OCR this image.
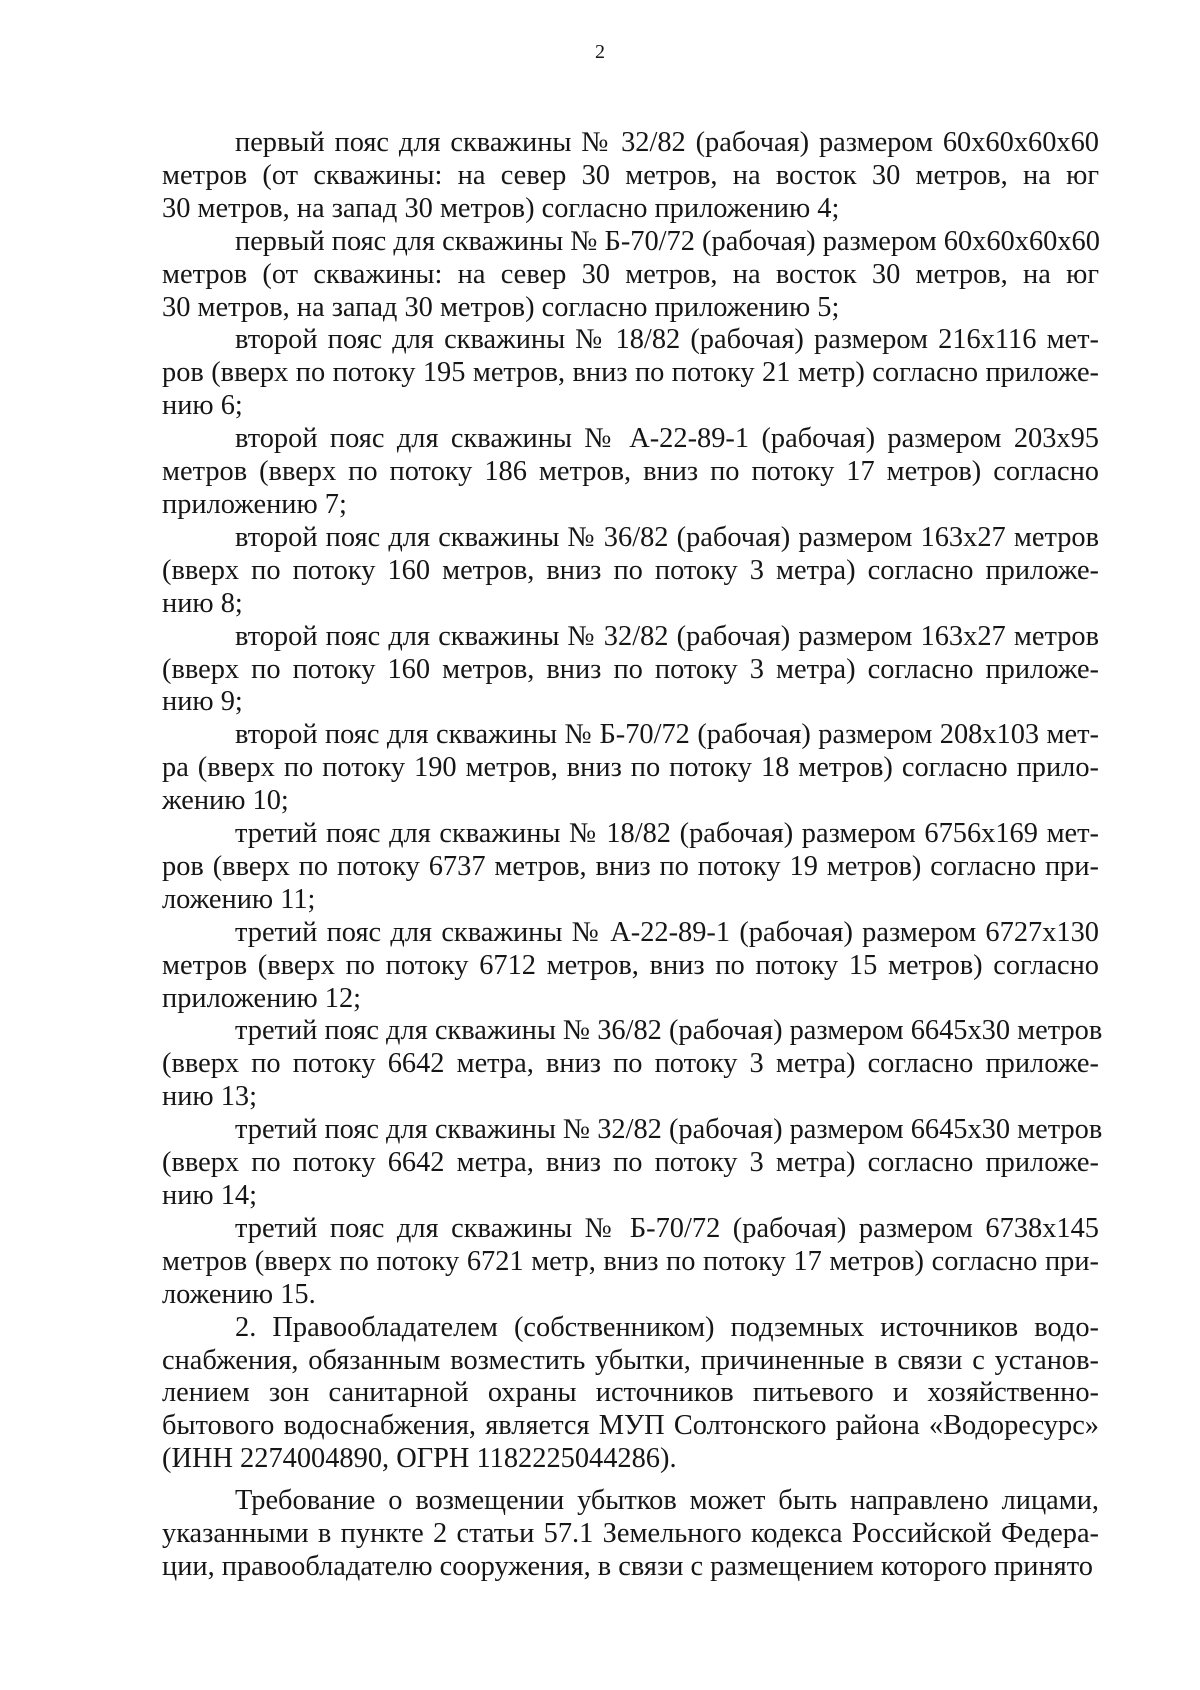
2

первый пояс для скважины № 32/82 (рабочая) размером 60х60х60х60
метров (от скважины: на север 30 метров, на восток 30 метров, на юг
30 метров, на запад 30 метров) согласно приложению 4;

первый пояс для скважины № Б-70/72 (рабочая) размером 60х60х60х60
метров (от скважины: на север 30 метров, на восток 30 метров, на юг
30 метров, на запад 30 метров) согласно приложению 5;

второй пояс для скважины № 18/82 (рабочая) размером 216х116 мет-
ров (вверх по потоку 195 метров, вниз по потоку 21 метр) согласно приложе-
нию 6;

второй пояс для скважины № А-22-89-1 (рабочая) размером 203х95
метров (вверх по потоку 186 метров, вниз по потоку 17 метров) согласно
приложению 7;

второй пояс для скважины № 36/82 (рабочая) размером 163х27 метров
(вверх по потоку 160 метров, вниз по потоку 3 метра) согласно приложе-
нию 8;

второй пояс для скважины № 32/82 (рабочая) размером 163х27 метров
(вверх по потоку 160 метров, вниз по потоку 3 метра) согласно приложе-
нию 9;

второй пояс для скважины № Б-70/72 (рабочая) размером 208х103 мет-
ра (вверх по потоку 190 метров, вниз по потоку 18 метров) согласно прило-
жению 10;

третий пояс для скважины № 18/82 (рабочая) размером 6756х169 мет-
ров (вверх по потоку 6737 метров, вниз по потоку 19 метров) согласно при-
ложению 11;

третий пояс для скважины № А-22-89-1 (рабочая) размером 6727х130
метров (вверх по потоку 6712 метров, вниз по потоку 15 метров) согласно
приложению 12;

третий пояс для скважины № 36/82 (рабочая) размером 6645х30 метров
(вверх по потоку 6642 метра, вниз по потоку 3 метра) согласно приложе-
нию 13;

третий пояс для скважины № 32/82 (рабочая) размером 6645х30 метров
(вверх по потоку 6642 метра, вниз по потоку 3 метра) согласно приложе-
нию 14;

третий пояс для скважины № Б-70/72 (рабочая) размером 6738х145
метров (вверх по потоку 6721 метр, вниз по потоку 17 метров) согласно при-
ложению 15.

2. Правообладателем (собственником) подземных источников водо-
снабжения, обязанным возместить убытки, причиненные в связи с установ-
лением зон санитарной охраны источников питьевого и хозяйственно-
бытового водоснабжения, является МУП Солтонского района «Водоресурс»
(ИНН 2274004890, ОГРН 1182225044286).

Требование о возмещении убытков может быть направлено лицами,
указанными в пункте 2 статьи 57.1 Земельного кодекса Российской Федера-
ции, правообладателю сооружения, в связи с размещением которого принято
